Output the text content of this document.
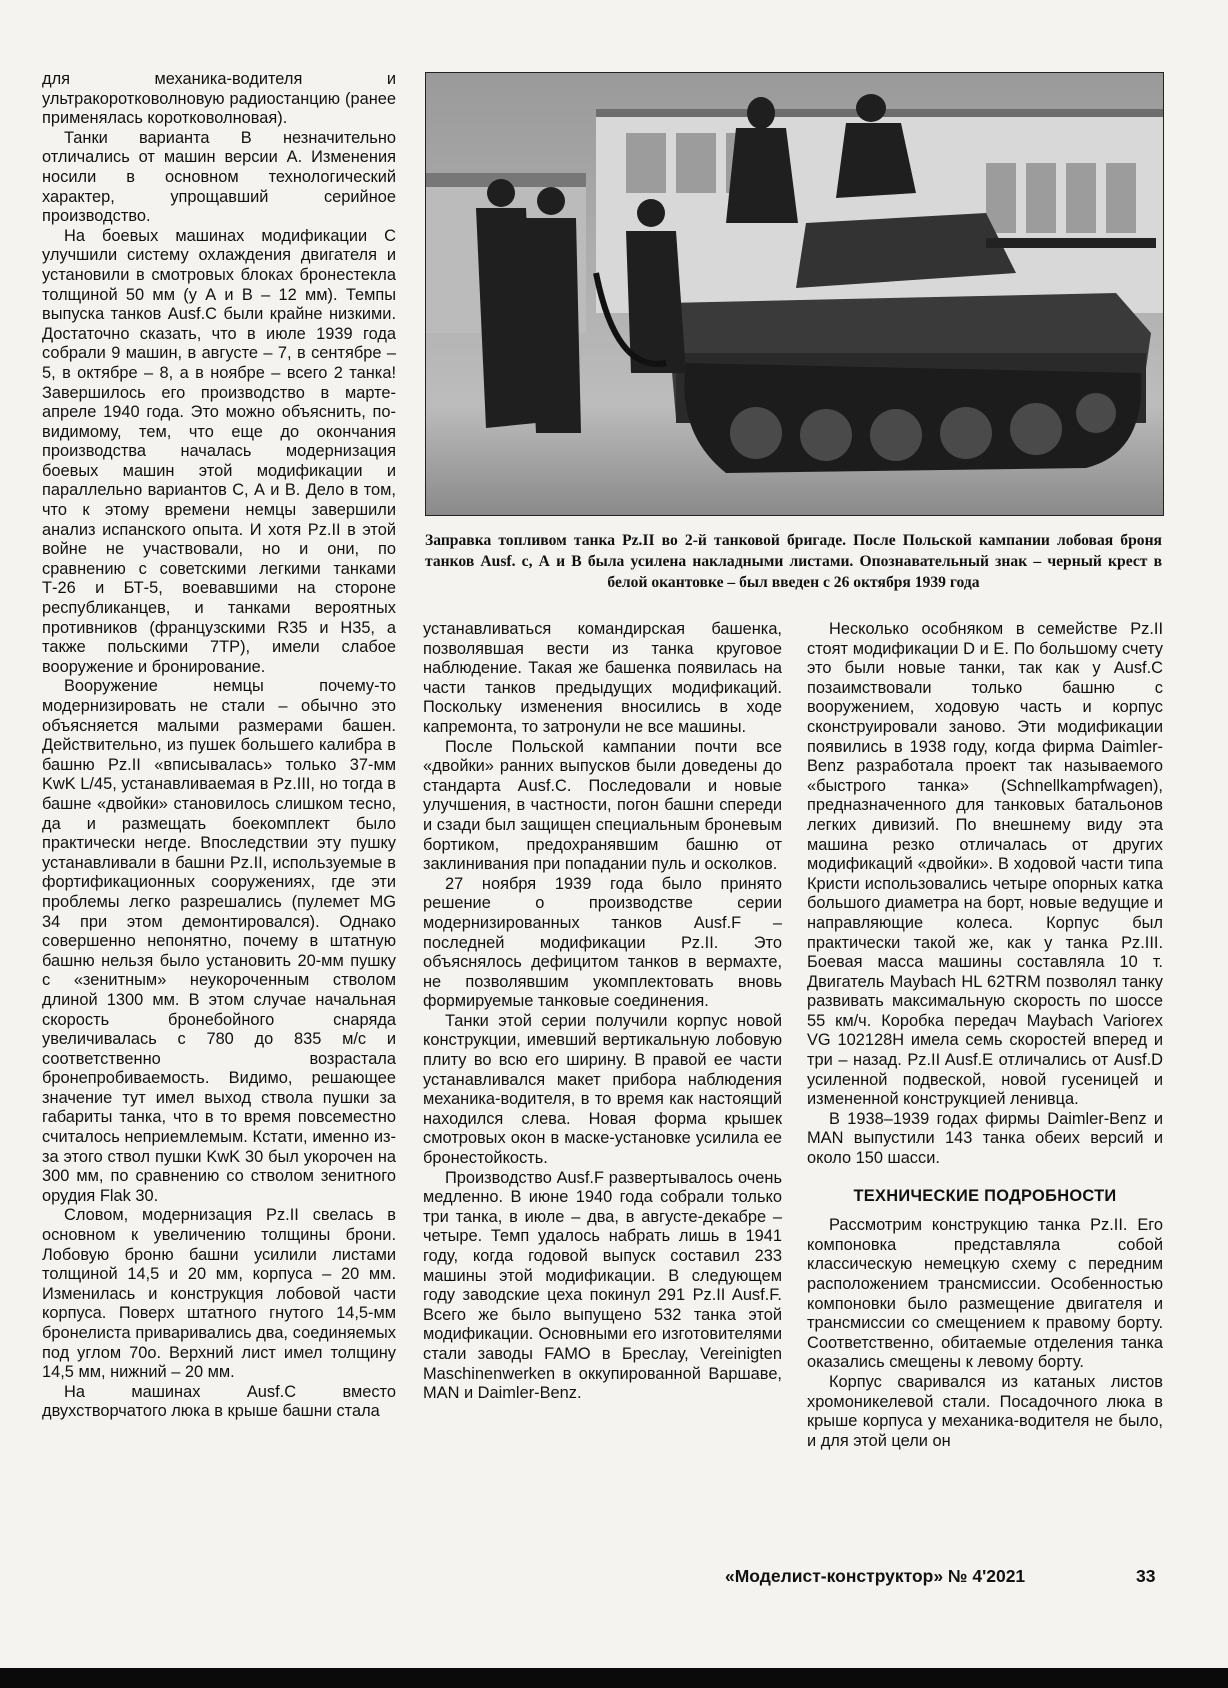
для механика-водителя и ультракоротковолновую радиостанцию (ранее применялась коротковолновая).

Танки варианта В незначительно отличались от машин версии А. Изменения носили в основном технологический характер, упрощавший серийное производство.

На боевых машинах модификации С улучшили систему охлаждения двигателя и установили в смотровых блоках бронестекла толщиной 50 мм (у А и В – 12 мм). Темпы выпуска танков Ausf.C были крайне низкими. Достаточно сказать, что в июле 1939 года собрали 9 машин, в августе – 7, в сентябре – 5, в октябре – 8, а в ноябре – всего 2 танка! Завершилось его производство в марте-апреле 1940 года. Это можно объяснить, по-видимому, тем, что еще до окончания производства началась модернизация боевых машин этой модификации и параллельно вариантов С, А и В. Дело в том, что к этому времени немцы завершили анализ испанского опыта. И хотя Pz.II в этой войне не участвовали, но и они, по сравнению с советскими легкими танками Т-26 и БТ-5, воевавшими на стороне республиканцев, и танками вероятных противников (французскими R35 и Н35, а также польскими 7ТР), имели слабое вооружение и бронирование.

Вооружение немцы почему-то модернизировать не стали – обычно это объясняется малыми размерами башен. Действительно, из пушек большего калибра в башню Pz.II «вписывалась» только 37-мм KwK L/45, устанавливаемая в Pz.III, но тогда в башне «двойки» становилось слишком тесно, да и размещать боекомплект было практически негде. Впоследствии эту пушку устанавливали в башни Pz.II, используемые в фортификационных сооружениях, где эти проблемы легко разрешались (пулемет MG 34 при этом демонтировался). Однако совершенно непонятно, почему в штатную башню нельзя было установить 20-мм пушку с «зенитным» неукороченным стволом длиной 1300 мм. В этом случае начальная скорость бронебойного снаряда увеличивалась с 780 до 835 м/с и соответственно возрастала бронепробиваемость. Видимо, решающее значение тут имел выход ствола пушки за габариты танка, что в то время повсеместно считалось неприемлемым. Кстати, именно из-за этого ствол пушки KwK 30 был укорочен на 300 мм, по сравнению со стволом зенитного орудия Flak 30.

Словом, модернизация Pz.II свелась в основном к увеличению толщины брони. Лобовую броню башни усилили листами толщиной 14,5 и 20 мм, корпуса – 20 мм. Изменилась и конструкция лобовой части корпуса. Поверх штатного гнутого 14,5-мм бронелиста приваривались два, соединяемых под углом 70о. Верхний лист имел толщину 14,5 мм, нижний – 20 мм.

На машинах Ausf.C вместо двухстворчатого люка в крыше башни стала

Заправка топливом танка Pz.II во 2-й танковой бригаде. После Польской кампании лобовая броня танков Ausf. c, А и В была усилена накладными листами. Опознавательный знак – черный крест в белой окантовке – был введен с 26 октября 1939 года

устанавливаться командирская башенка, позволявшая вести из танка круговое наблюдение. Такая же башенка появилась на части танков предыдущих модификаций. Поскольку изменения вносились в ходе капремонта, то затронули не все машины.

После Польской кампании почти все «двойки» ранних выпусков были доведены до стандарта Ausf.C. Последовали и новые улучшения, в частности, погон башни спереди и сзади был защищен специальным броневым бортиком, предохранявшим башню от заклинивания при попадании пуль и осколков.

27 ноября 1939 года было принято решение о производстве серии модернизированных танков Ausf.F – последней модификации Pz.II. Это объяснялось дефицитом танков в вермахте, не позволявшим укомплектовать вновь формируемые танковые соединения.

Танки этой серии получили корпус новой конструкции, имевший вертикальную лобовую плиту во всю его ширину. В правой ее части устанавливался макет прибора наблюдения механика-водителя, в то время как настоящий находился слева. Новая форма крышек смотровых окон в маске-установке усилила ее бронестойкость.

Производство Ausf.F развертывалось очень медленно. В июне 1940 года собрали только три танка, в июле – два, в августе-декабре – четыре. Темп удалось набрать лишь в 1941 году, когда годовой выпуск составил 233 машины этой модификации. В следующем году заводские цеха покинул 291 Pz.II Ausf.F. Всего же было выпущено 532 танка этой модификации. Основными его изготовителями стали заводы FAMO в Бреслау, Vereinigten Maschinenwerken в оккупированной Варшаве, MAN и Daimler-Benz.

Несколько особняком в семействе Pz.II стоят модификации D и E. По большому счету это были новые танки, так как у Ausf.C позаимствовали только башню с вооружением, ходовую часть и корпус сконструировали заново. Эти модификации появились в 1938 году, когда фирма Daimler-Benz разработала проект так называемого «быстрого танка» (Schnellkampfwagen), предназначенного для танковых батальонов легких дивизий. По внешнему виду эта машина резко отличалась от других модификаций «двойки». В ходовой части типа Кристи использовались четыре опорных катка большого диаметра на борт, новые ведущие и направляющие колеса. Корпус был практически такой же, как у танка Pz.III. Боевая масса машины составляла 10 т. Двигатель Maybach HL 62TRM позволял танку развивать максимальную скорость по шоссе 55 км/ч. Коробка передач Maybach Variorex VG 102128H имела семь скоростей вперед и три – назад. Pz.II Ausf.E отличались от Ausf.D усиленной подвеской, новой гусеницей и измененной конструкцией ленивца.

В 1938–1939 годах фирмы Daimler-Benz и MAN выпустили 143 танка обеих версий и около 150 шасси.

ТЕХНИЧЕСКИЕ ПОДРОБНОСТИ

Рассмотрим конструкцию танка Pz.II. Его компоновка представляла собой классическую немецкую схему с передним расположением трансмиссии. Особенностью компоновки было размещение двигателя и трансмиссии со смещением к правому борту. Соответственно, обитаемые отделения танка оказались смещены к левому борту.

Корпус сваривался из катаных листов хромоникелевой стали. Посадочного люка в крыше корпуса у механика-водителя не было, и для этой цели он

«Моделист-конструктор» № 4'2021	33
